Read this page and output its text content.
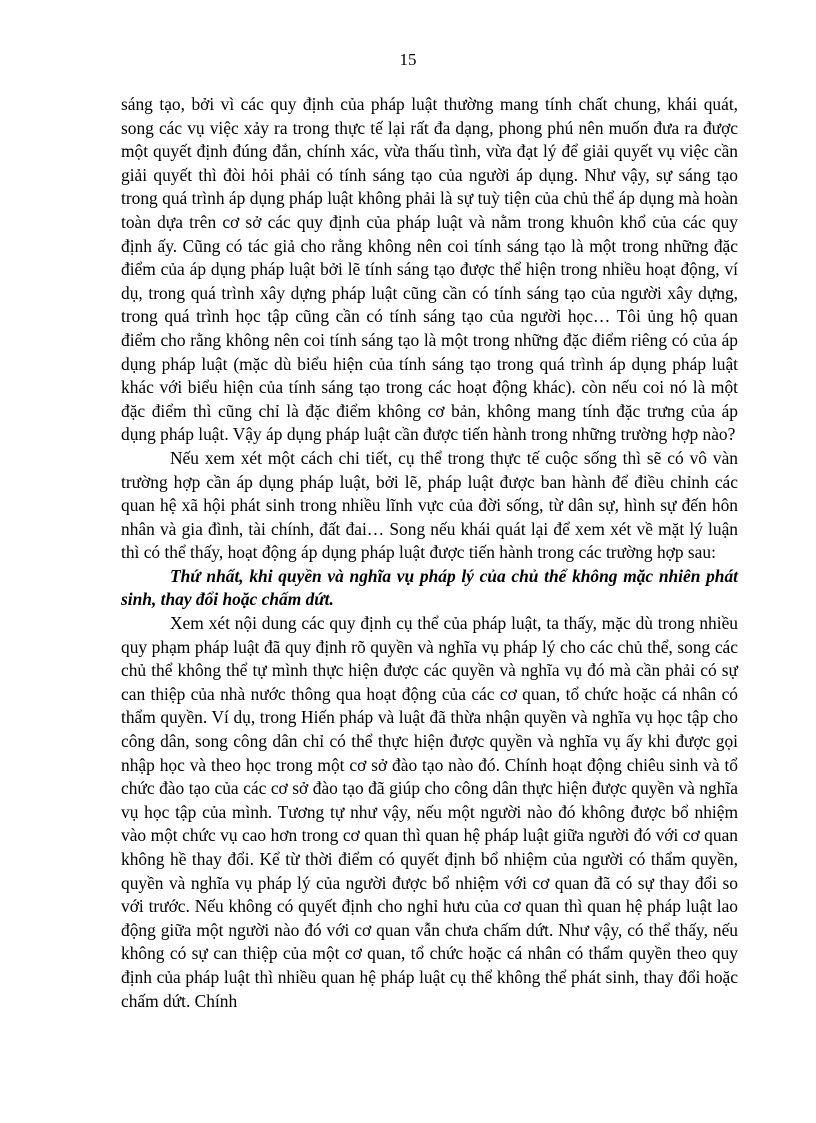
15

sáng tạo, bởi vì các quy định của pháp luật thường mang tính chất chung, khái quát, song các vụ việc xảy ra trong thực tế lại rất đa dạng, phong phú nên muốn đưa ra được một quyết định đúng đắn, chính xác, vừa thấu tình, vừa đạt lý để giải quyết vụ việc cần giải quyết thì đòi hỏi phải có tính sáng tạo của người áp dụng. Như vậy, sự sáng tạo trong quá trình áp dụng pháp luật không phải là sự tuỳ tiện của chủ thể áp dụng mà hoàn toàn dựa trên cơ sở các quy định của pháp luật và nằm trong khuôn khổ của các quy định ấy. Cũng có tác giả cho rằng không nên coi tính sáng tạo là một trong những đặc điểm của áp dụng pháp luật bởi lẽ tính sáng tạo được thể hiện trong nhiều hoạt động, ví dụ, trong quá trình xây dựng pháp luật cũng cần có tính sáng tạo của người xây dựng, trong quá trình học tập cũng cần có tính sáng tạo của người học… Tôi ủng hộ quan điểm cho rằng không nên coi tính sáng tạo là một trong những đặc điểm riêng có của áp dụng pháp luật (mặc dù biểu hiện của tính sáng tạo trong quá trình áp dụng pháp luật khác với biểu hiện của tính sáng tạo trong các hoạt động khác). còn nếu coi nó là một đặc điểm thì cũng chỉ là đặc điểm không cơ bản, không mang tính đặc trưng của áp dụng pháp luật. Vậy áp dụng pháp luật cần được tiến hành trong những trường hợp nào?

Nếu xem xét một cách chi tiết, cụ thể trong thực tế cuộc sống thì sẽ có vô vàn trường hợp cần áp dụng pháp luật, bởi lẽ, pháp luật được ban hành để điều chỉnh các quan hệ xã hội phát sinh trong nhiều lĩnh vực của đời sống, từ dân sự, hình sự đến hôn nhân và gia đình, tài chính, đất đai… Song nếu khái quát lại để xem xét về mặt lý luận thì có thể thấy, hoạt động áp dụng pháp luật được tiến hành trong các trường hợp sau:

Thứ nhất, khi quyền và nghĩa vụ pháp lý của chủ thể không mặc nhiên phát sinh, thay đổi hoặc chấm dứt.

Xem xét nội dung các quy định cụ thể của pháp luật, ta thấy, mặc dù trong nhiều quy phạm pháp luật đã quy định rõ quyền và nghĩa vụ pháp lý cho các chủ thể, song các chủ thể không thể tự mình thực hiện được các quyền và nghĩa vụ đó mà cần phải có sự can thiệp của nhà nước thông qua hoạt động của các cơ quan, tổ chức hoặc cá nhân có thẩm quyền. Ví dụ, trong Hiến pháp và luật đã thừa nhận quyền và nghĩa vụ học tập cho công dân, song công dân chỉ có thể thực hiện được quyền và nghĩa vụ ấy khi được gọi nhập học và theo học trong một cơ sở đào tạo nào đó. Chính hoạt động chiêu sinh và tổ chức đào tạo của các cơ sở đào tạo đã giúp cho công dân thực hiện được quyền và nghĩa vụ học tập của mình. Tương tự như vậy, nếu một người nào đó không được bổ nhiệm vào một chức vụ cao hơn trong cơ quan thì quan hệ pháp luật giữa người đó với cơ quan không hề thay đổi. Kể từ thời điểm có quyết định bổ nhiệm của người có thẩm quyền, quyền và nghĩa vụ pháp lý của người được bổ nhiệm với cơ quan đã có sự thay đổi so với trước. Nếu không có quyết định cho nghỉ hưu của cơ quan thì quan hệ pháp luật lao động giữa một người nào đó với cơ quan vẫn chưa chấm dứt. Như vậy, có thể thấy, nếu không có sự can thiệp của một cơ quan, tổ chức hoặc cá nhân có thẩm quyền theo quy định của pháp luật thì nhiều quan hệ pháp luật cụ thể không thể phát sinh, thay đổi hoặc chấm dứt. Chính
